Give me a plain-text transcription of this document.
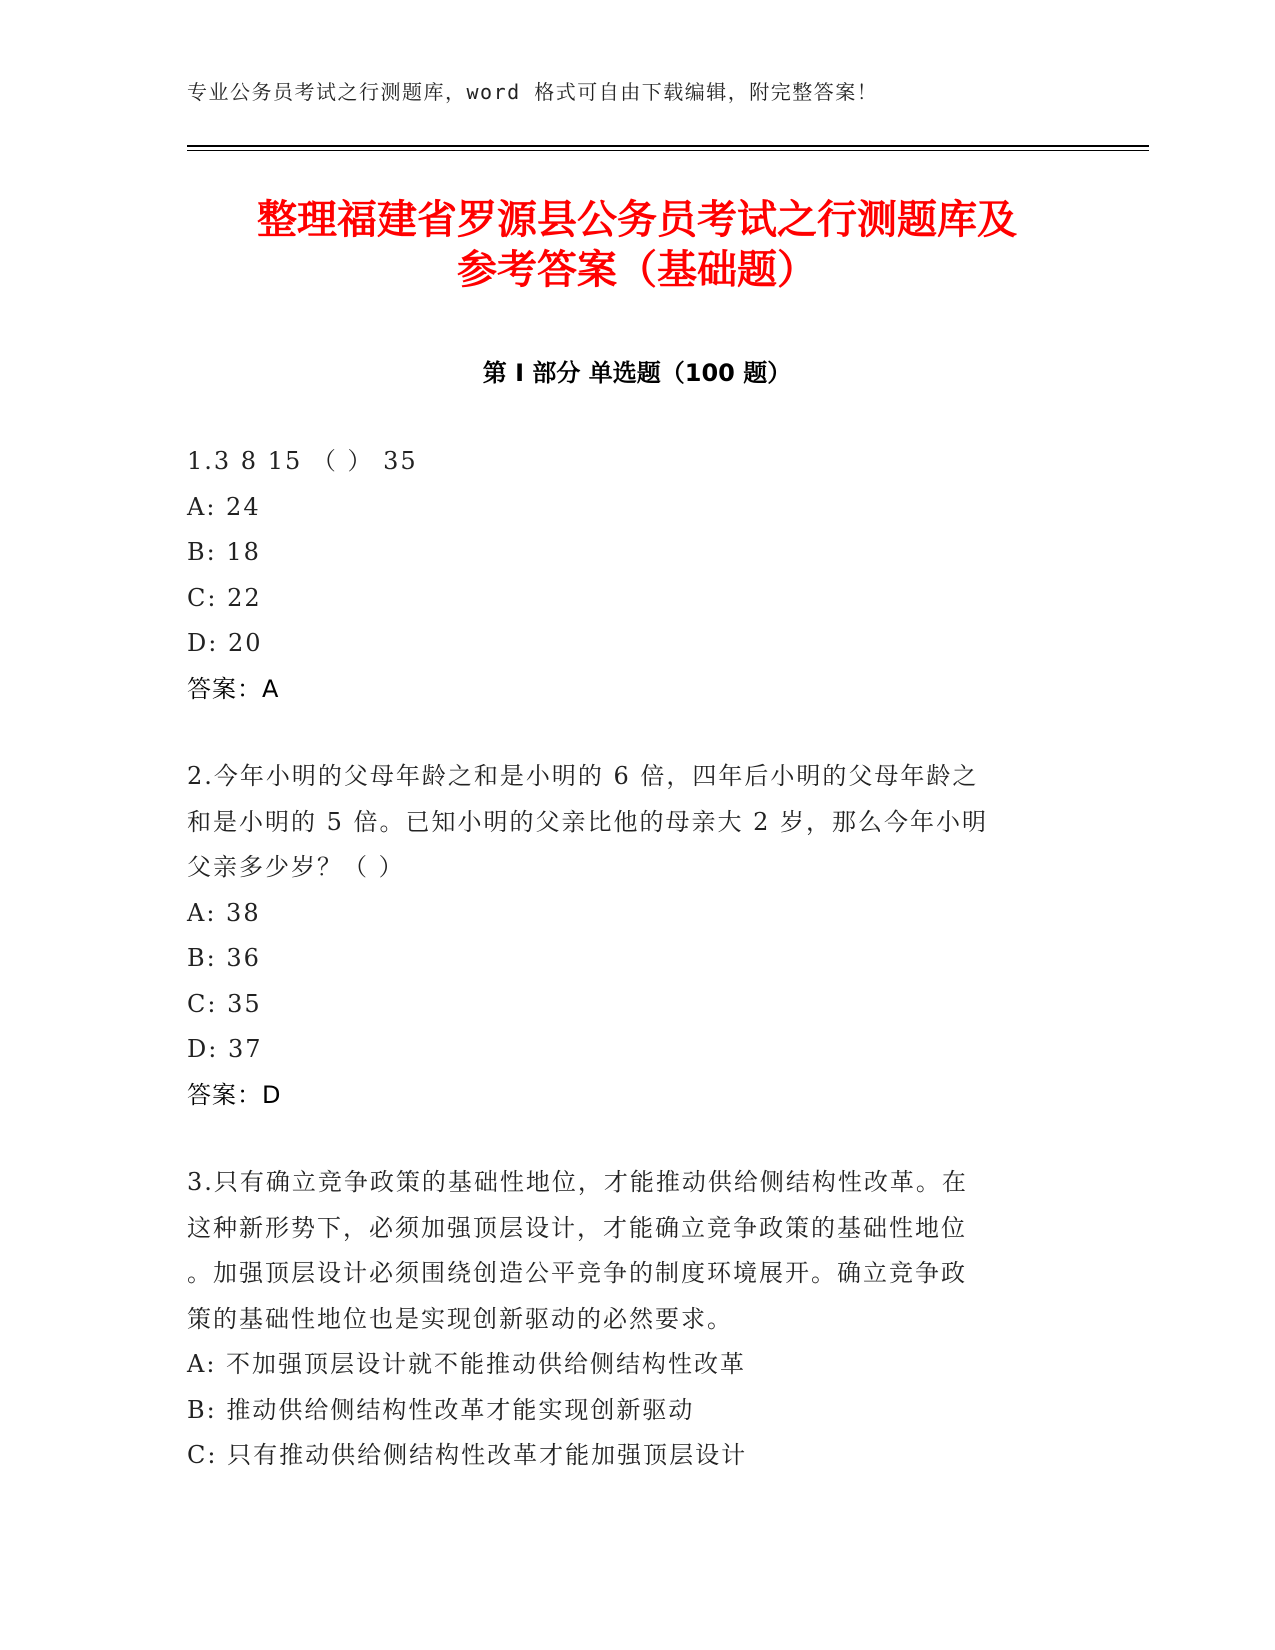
专业公务员考试之行测题库，word 格式可自由下载编辑，附完整答案！
整理福建省罗源县公务员考试之行测题库及
参考答案（基础题）
第 I 部分 单选题（100 题）
1.3 8 15 （ ） 35
A: 24
B: 18
C: 22
D: 20
答案：A
2.今年小明的父母年龄之和是小明的 6 倍，四年后小明的父母年龄之
和是小明的 5 倍。已知小明的父亲比他的母亲大 2 岁，那么今年小明
父亲多少岁？（ ）
A: 38
B: 36
C: 35
D: 37
答案：D
3.只有确立竞争政策的基础性地位，才能推动供给侧结构性改革。在
这种新形势下，必须加强顶层设计，才能确立竞争政策的基础性地位
。加强顶层设计必须围绕创造公平竞争的制度环境展开。确立竞争政
策的基础性地位也是实现创新驱动的必然要求。
A: 不加强顶层设计就不能推动供给侧结构性改革
B: 推动供给侧结构性改革才能实现创新驱动
C: 只有推动供给侧结构性改革才能加强顶层设计
